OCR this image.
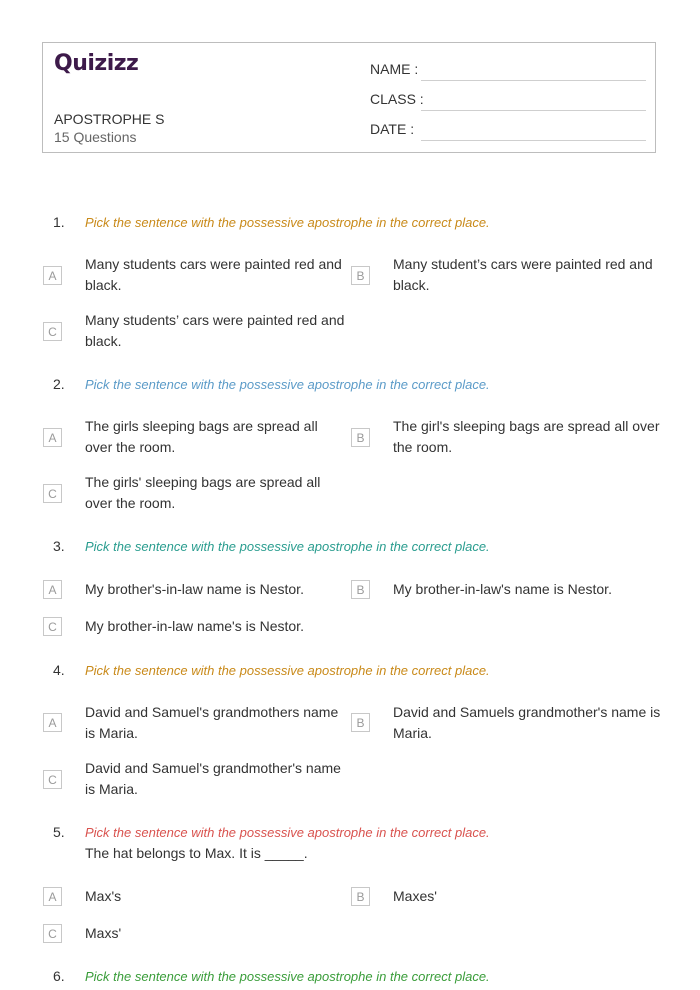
Quizizz
APOSTROPHE S
15 Questions
NAME :
CLASS :
DATE :
1. Pick the sentence with the possessive apostrophe in the correct place.
A
Many students cars were painted red and black.
B
Many student’s cars were painted red and black.
C
Many students’ cars were painted red and black.
2. Pick the sentence with the possessive apostrophe in the correct place.
A
The girls sleeping bags are spread all over the room.
B
The girl's sleeping bags are spread all over the room.
C
The girls' sleeping bags are spread all over the room.
3. Pick the sentence with the possessive apostrophe in the correct place.
A	My brother's-in-law name is Nestor.	B	My brother-in-law's name is Nestor.
C	My brother-in-law name's is Nestor.
4. Pick the sentence with the possessive apostrophe in the correct place.
A
David and Samuel's grandmothers name is Maria.
B
David and Samuels grandmother's name is Maria.
C
David and Samuel's grandmother's name is Maria.
5. Pick the sentence with the possessive apostrophe in the correct place.
The hat belongs to Max. It is _____.
A	Max's	B	Maxes'
C	Maxs'
6. Pick the sentence with the possessive apostrophe in the correct place.
